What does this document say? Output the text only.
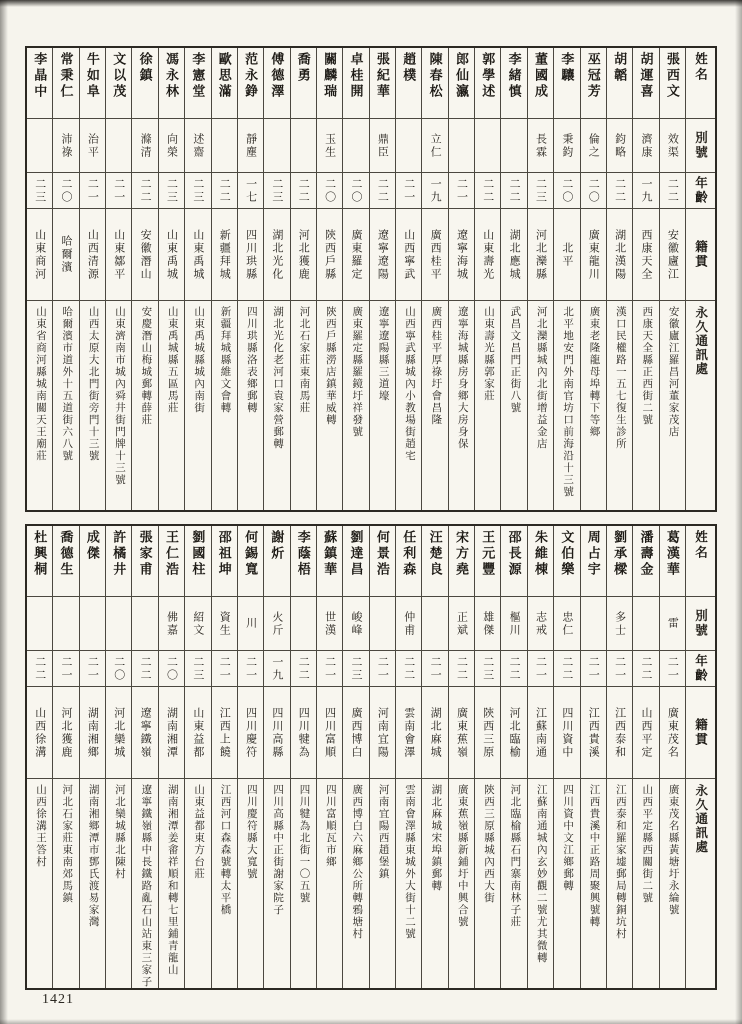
姓名
別號
年齡
籍貫
永久通訊處
張西文
效渠
二二
安徽廬江
安徽廬江羅昌河董家茂店
胡運喜
濟康
一九
西康天全
西康天全縣正西街二號
胡韜
鈞略
二二
湖北漢陽
漢口民權路一五七復生診所
巫冠芳
倫之
二〇
廣東龍川
廣東老隆龍母埠轉下等鄉
李驤
秉鈞
二〇
北平
北平地安門外南官坊口前海沿十三號
董國成
長霖
二三
河北灤縣
河北灤縣城內北街增益金店
李緒慎
二二
湖北應城
武昌文昌門正街八號
郭學述
二二
山東壽光
山東壽光縣郭家莊
郎仙瀛
二一
遼寧海城
遼寧海城縣房身鄉大房身保
陳春松
立仁
一九
廣西桂平
廣西桂平厚祿圩會昌隆
趙樸
二一
山西寧武
山西寧武縣城內小教場街趙宅
張紀華
鼎臣
二二
遼寧遼陽
遼寧遼陽縣三道壕
卓桂開
二〇
廣東羅定
廣東羅定縣羅鏡圩祥發號
關麟瑞
玉生
二〇
陝西戶縣
陝西戶縣澇店鎮華威轉
喬勇
二二
河北獲鹿
河北石家莊東南馬莊
傅德澤
二三
湖北光化
湖北光化老河口袁家營郵轉
范永錚
靜塵
一七
四川珙縣
四川珙縣洛表鄉郵轉
歐思滿
二二
新疆拜城
新疆拜城縣維文會轉
李憲堂
述齋
二三
山東禹城
山東禹城縣城內南街
馮永林
向榮
二三
山東禹城
山東禹城縣五區馬莊
徐鎮
滌清
二二
安徽潛山
安慶潛山梅城郵轉薛莊
文以茂
二一
山東鄒平
山東濟南市城內舜井街門牌十三號
牛如阜
治平
二一
山西清源
山西太原大北門街旁門十三號
常秉仁
沛祿
二〇
哈爾濱
哈爾濱市道外十五道街六八號
李晶中
二三
山東商河
山東省商河縣城南關天王廟莊
姓名
別號
年齡
籍貫
永久通訊處
葛漢華
雷
二一
廣東茂名
廣東茂名縣黃塘圩永綸號
潘壽金
二二
山西平定
山西平定縣西關街二號
劉承樑
多士
二一
江西泰和
江西泰和羅家墟郵局轉銅坑村
周占宇
二一
江西貴溪
江西貴溪中正路周聚興號轉
文伯樂
忠仁
二二
四川資中
四川資中文江鄉郵轉
朱維棟
志戒
二一
江蘇南通
江蘇南通城內玄妙觀二號尤其微轉
邵長源
樞川
二二
河北臨榆
河北臨榆縣石門寨南林子莊
王元豐
雄傑
二三
陝西三原
陝西三原縣城內西大街
宋方堯
正斌
二二
廣東蕉嶺
廣東蕉嶺縣新鋪圩中興合號
汪楚良
二一
湖北麻城
湖北麻城宋埠鎮郵轉
任利森
仲甫
二二
雲南會澤
雲南會澤縣東城外大街十二號
何景浩
二一
河南宜陽
河南宜陽西趙堡鎮
劉達昌
峻峰
二三
廣西博白
廣西博白六麻鄉公所轉鴉塘村
蘇鎮華
世漢
二一
四川富順
四川富順瓦市鄉
李蔭梧
二二
四川犍為
四川犍為北街一〇五號
謝炘
火斤
一九
四川高縣
四川高縣中正街謝家院子
何錫寬
川
二一
四川慶符
四川慶符縣大寬號
邵祖坤
資生
二一
江西上饒
江西河口森森號轉太平橋
劉國柱
紹文
二三
山東益都
山東益都東方台莊
王仁浩
佛嘉
二〇
湖南湘潭
湖南湘潭姜畬祥順和轉七里鋪青龍山
張家甫
二二
遼寧鐵嶺
遼寧鐵嶺縣中長鐵路亂石山站東三家子
許橘井
二〇
河北欒城
河北欒城縣北陳村
成傑
二一
湖南湘鄉
湖南湘鄉潭市鄧氏渡易家灣
喬德生
二一
河北獲鹿
河北石家莊東南郊馬鎮
杜興桐
二二
山西徐溝
山西徐溝王答村
1421
